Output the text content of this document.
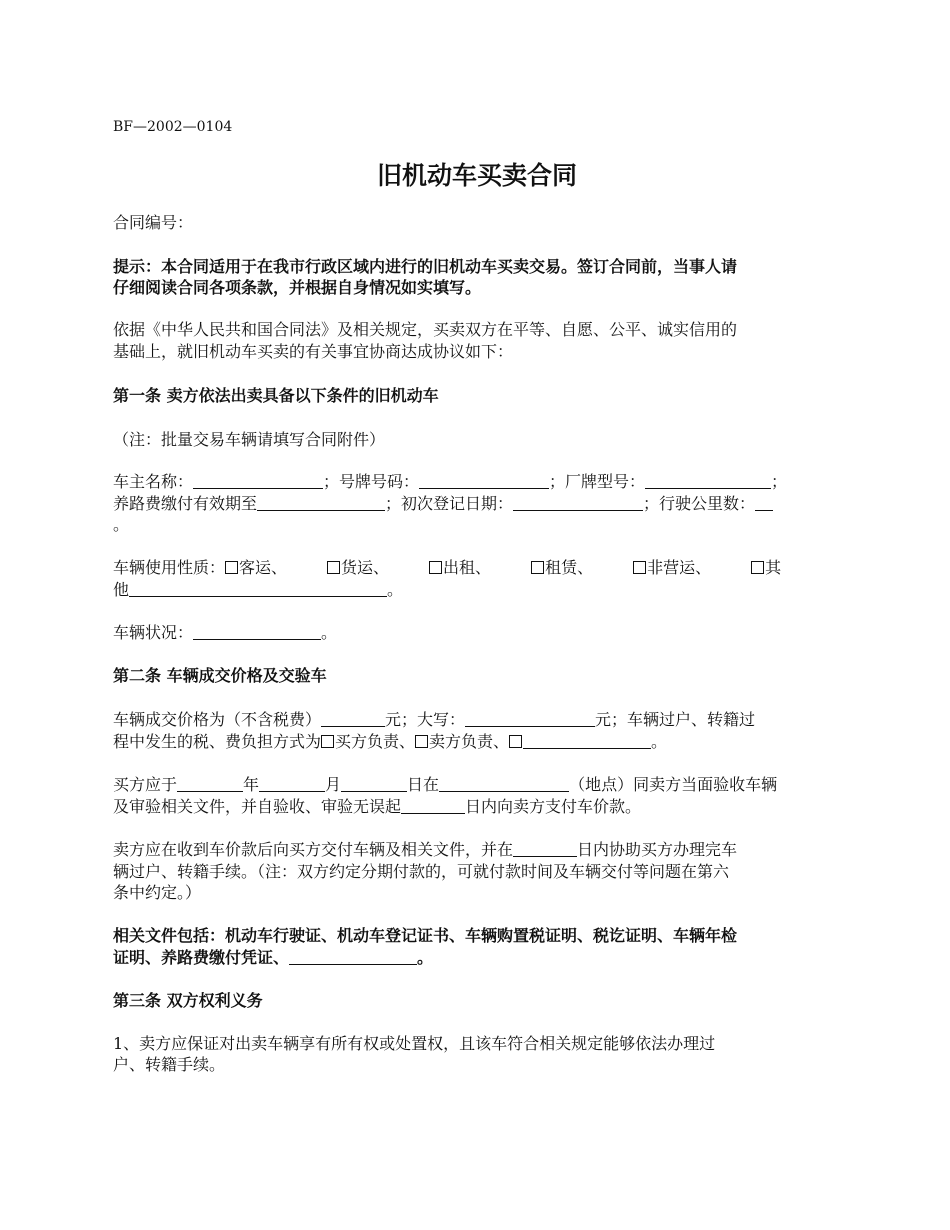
BF—2002—0104
旧机动车买卖合同
合同编号：
提示：本合同适用于在我市行政区域内进行的旧机动车买卖交易。签订合同前，当事人请
仔细阅读合同各项条款，并根据自身情况如实填写。
依据《中华人民共和国合同法》及相关规定，买卖双方在平等、自愿、公平、诚实信用的
基础上，就旧机动车买卖的有关事宜协商达成协议如下：
第一条 卖方依法出卖具备以下条件的旧机动车
（注：批量交易车辆请填写合同附件）
车主名称：	；号牌号码：	；厂牌型号：	；
养路费缴付有效期至	；初次登记日期：	；行驶公里数：
。
车辆使用性质： 客运、	货运、	出租、	租赁、	非营运、	其
他	。
车辆状况：	。
第二条 车辆成交价格及交验车
车辆成交价格为（不含税费）	元；大写：	元；车辆过户、转籍过
程中发生的税、费负担方式为 买方负责、 卖方负责、	。
买方应于	年	月	日在	（地点）同卖方当面验收车辆
及审验相关文件，并自验收、审验无误起	日内向卖方支付车价款。
卖方应在收到车价款后向买方交付车辆及相关文件，并在	日内协助买方办理完车
辆过户、转籍手续。（注：双方约定分期付款的，可就付款时间及车辆交付等问题在第六
条中约定。）
相关文件包括：机动车行驶证、机动车登记证书、车辆购置税证明、税讫证明、车辆年检
证明、养路费缴付凭证、	。
第三条 双方权利义务
1、卖方应保证对出卖车辆享有所有权或处置权，且该车符合相关规定能够依法办理过
户、转籍手续。
